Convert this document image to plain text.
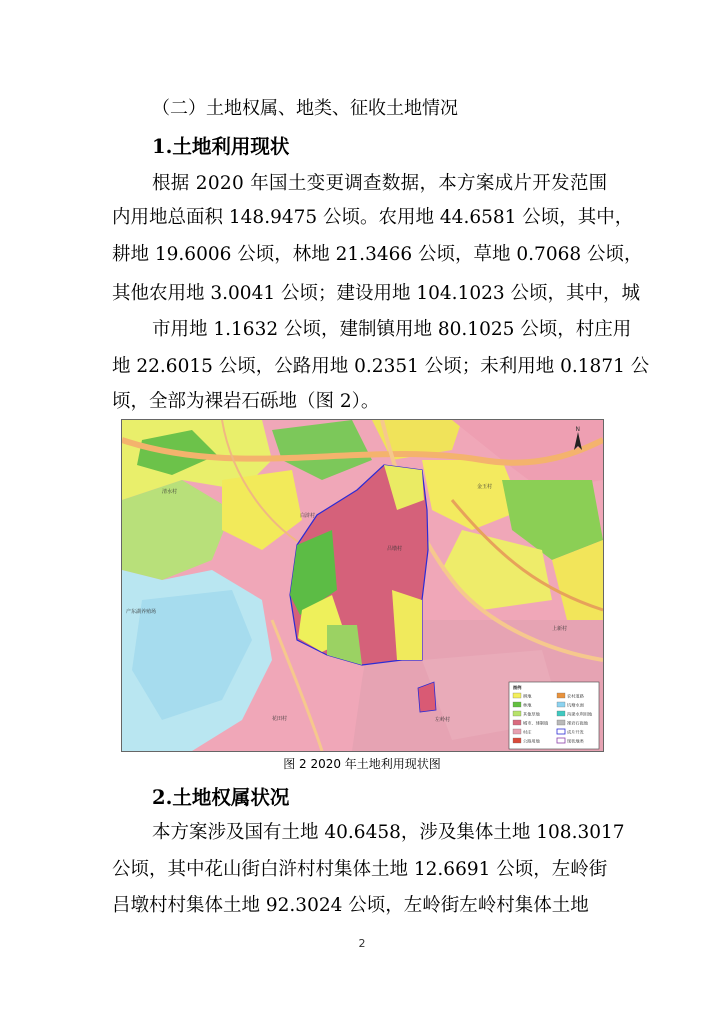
（二）土地权属、地类、征收土地情况
1.土地利用现状
根据 2020 年国土变更调查数据，本方案成片开发范围
内用地总面积 148.9475 公顷。农用地 44.6581 公顷，其中，
耕地 19.6006 公顷，林地 21.3466 公顷，草地 0.7068 公顷，
其他农用地 3.0041 公顷；建设用地 104.1023 公顷，其中，城
市用地 1.1632 公顷，建制镇用地 80.1025 公顷，村庄用
地 22.6015 公顷，公路用地 0.2351 公顷；未利用地 0.1871 公
顷，全部为裸岩石砾地（图 2）。
N
清水村
金玉村
白浒村
吕墩村
产东湖养殖场
上新村
花田村	左岭村
图例
耕地	农村道路
林地	坑塘水面
其他草地	沟渠水利用地
城市、建制镇	裸岩石砾地
村庄	成片开发
公路用地	现状地类
图 2 2020 年土地利用现状图
2.土地权属状况
本方案涉及国有土地 40.6458，涉及集体土地 108.3017
公顷，其中花山街白浒村村集体土地 12.6691 公顷，左岭街
吕墩村村集体土地 92.3024 公顷，左岭街左岭村集体土地
2
